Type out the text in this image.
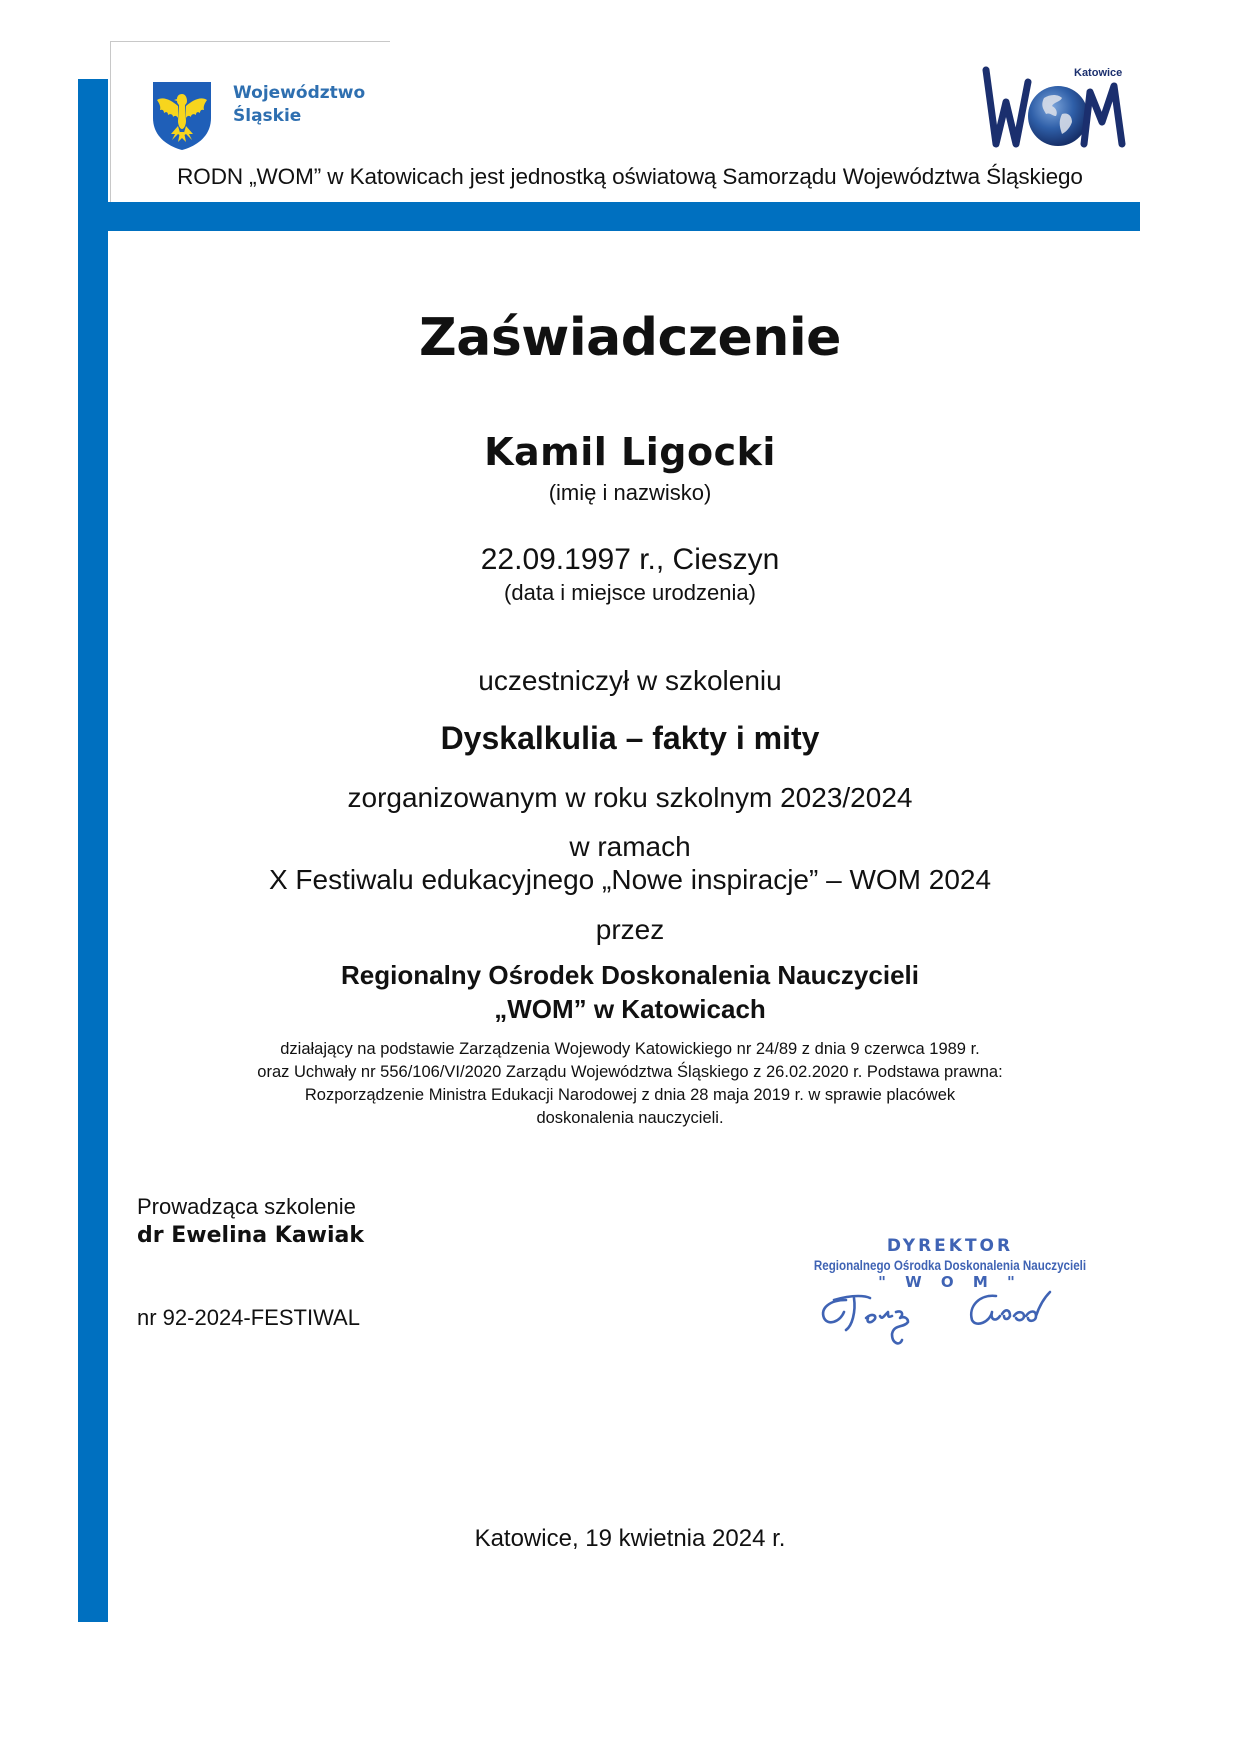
Województwo
Śląskie
Katowice
RODN „WOM” w Katowicach jest jednostką oświatową Samorządu Województwa Śląskiego
Zaświadczenie
Kamil Ligocki
(imię i nazwisko)
22.09.1997 r., Cieszyn
(data i miejsce urodzenia)
uczestniczył w szkoleniu
Dyskalkulia – fakty i mity
zorganizowanym w roku szkolnym 2023/2024
w ramach
X Festiwalu edukacyjnego „Nowe inspiracje” – WOM 2024
przez
Regionalny Ośrodek Doskonalenia Nauczycieli
„WOM” w Katowicach
działający na podstawie Zarządzenia Wojewody Katowickiego nr 24/89 z dnia 9 czerwca 1989 r.
oraz Uchwały nr 556/106/VI/2020 Zarządu Województwa Śląskiego z 26.02.2020 r. Podstawa prawna:
Rozporządzenie Ministra Edukacji Narodowej z dnia 28 maja 2019 r. w sprawie placówek
doskonalenia nauczycieli.
Prowadząca szkolenie
dr Ewelina Kawiak
nr 92-2024-FESTIWAL
DYREKTOR
Regionalnego Ośrodka Doskonalenia Nauczycieli
" W O M "
Katowice, 19 kwietnia 2024 r.
